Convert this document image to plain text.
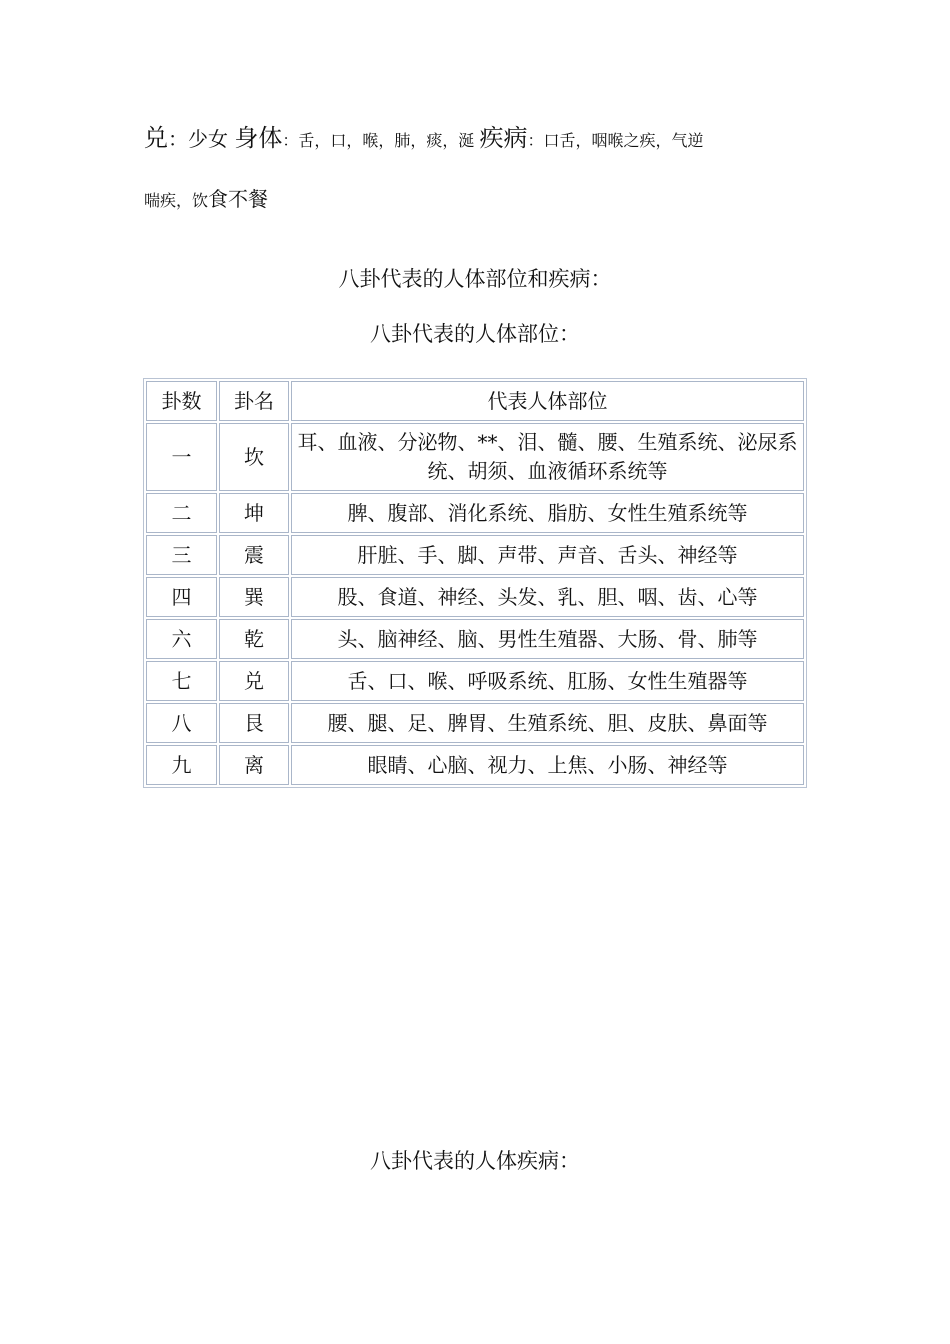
兑：少女 身体：舌，口，喉，肺，痰，涎 疾病：口舌，咽喉之疾，气逆
喘疾，饮食不餐
八卦代表的人体部位和疾病：
八卦代表的人体部位：
卦数	卦名	代表人体部位
一	坎	耳、血液、分泌物、**、泪、髓、腰、生殖系统、泌尿系统、胡须、血液循环系统等
二	坤	脾、腹部、消化系统、脂肪、女性生殖系统等
三	震	肝脏、手、脚、声带、声音、舌头、神经等
四	巽	股、食道、神经、头发、乳、胆、咽、齿、心等
六	乾	头、脑神经、脑、男性生殖器、大肠、骨、肺等
七	兑	舌、口、喉、呼吸系统、肛肠、女性生殖器等
八	艮	腰、腿、足、脾胃、生殖系统、胆、皮肤、鼻面等
九	离	眼睛、心脑、视力、上焦、小肠、神经等
八卦代表的人体疾病：
